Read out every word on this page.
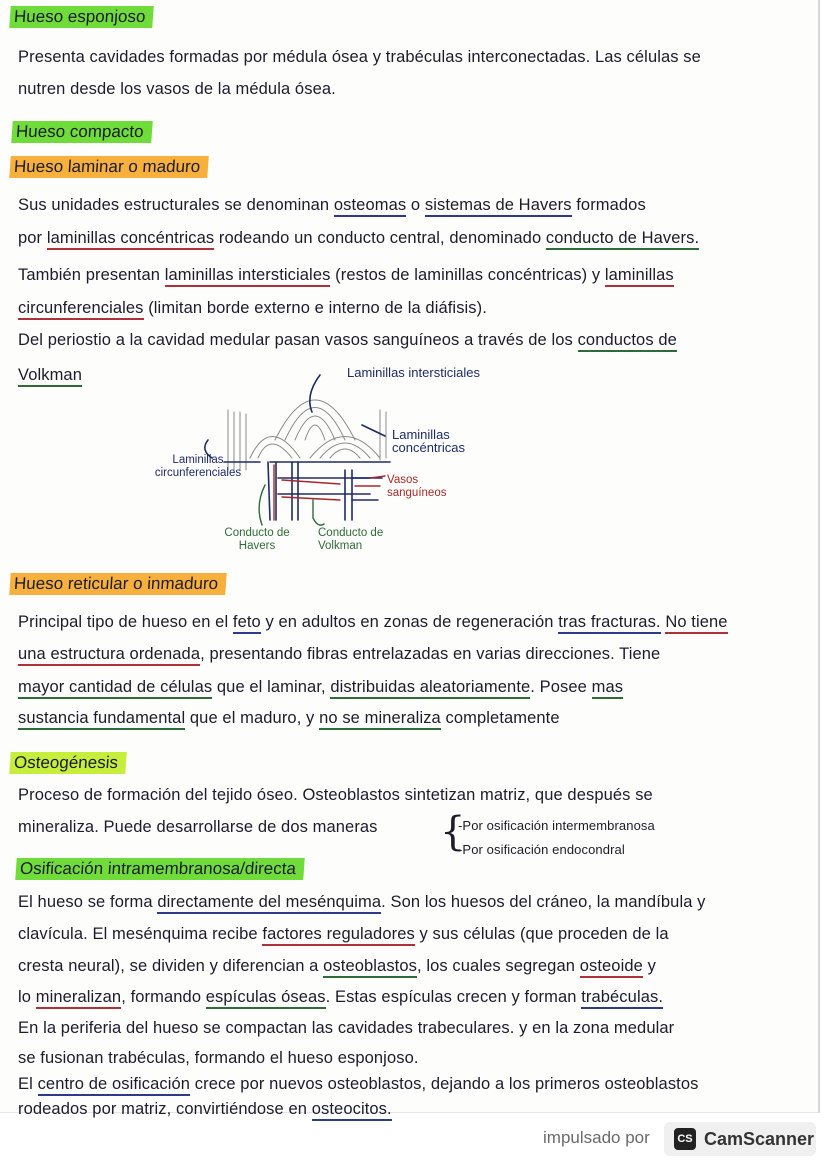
Hueso esponjoso
Hueso compacto
Hueso laminar o maduro
Hueso reticular o inmaduro
Osteogénesis
Osificación intramembranosa/directa
Presenta cavidades formadas por médula ósea y trabéculas interconectadas. Las células se
nutren desde los vasos de la médula ósea.
Sus unidades estructurales se denominan osteomas o sistemas de Havers formados
por laminillas concéntricas rodeando un conducto central, denominado conducto de Havers.
También presentan laminillas intersticiales (restos de laminillas concéntricas) y laminillas
circunferenciales (limitan borde externo e interno de la diáfisis).
Del periostio a la cavidad medular pasan vasos sanguíneos a través de los conductos de
Volkman
Principal tipo de hueso en el feto y en adultos en zonas de regeneración tras fracturas. No tiene
una estructura ordenada, presentando fibras entrelazadas en varias direcciones. Tiene
mayor cantidad de células que el laminar, distribuidas aleatoriamente. Posee mas
sustancia fundamental que el maduro, y no se mineraliza completamente
Proceso de formación del tejido óseo. Osteoblastos sintetizan matriz, que después se
mineraliza. Puede desarrollarse de dos maneras
El hueso se forma directamente del mesénquima. Son los huesos del cráneo, la mandíbula y
clavícula. El mesénquima recibe factores reguladores y sus células (que proceden de la
cresta neural), se dividen y diferencian a osteoblastos, los cuales segregan osteoide y
lo mineralizan, formando espículas óseas. Estas espículas crecen y forman trabéculas.
En la periferia del hueso se compactan las cavidades trabeculares. y en la zona medular
se fusionan trabéculas, formando el hueso esponjoso.
El centro de osificación crece por nuevos osteoblastos, dejando a los primeros osteoblastos
rodeados por matriz, convirtiéndose en osteocitos.
{
-Por osificación intermembranosa
-Por osificación endocondral
Laminillas intersticiales
Laminillas concéntricas
Laminillas circunferenciales
Vasos sanguíneos
Conducto de Havers
Conducto de Volkman
impulsado por	CS CamScanner
